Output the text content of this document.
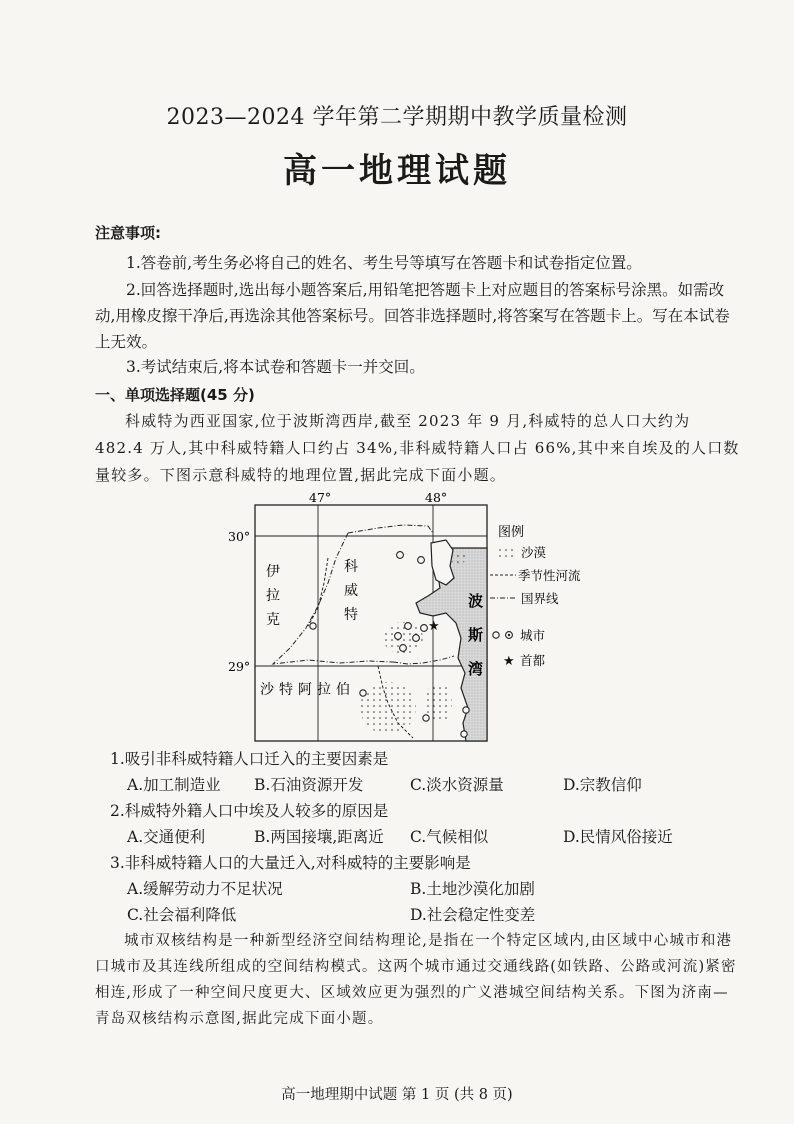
2023—2024 学年第二学期期中教学质量检测
高一地理试题
注意事项:
1.答卷前,考生务必将自己的姓名、考生号等填写在答题卡和试卷指定位置。
2.回答选择题时,选出每小题答案后,用铅笔把答题卡上对应题目的答案标号涂黑。如需改动,用橡皮擦干净后,再选涂其他答案标号。回答非选择题时,将答案写在答题卡上。写在本试卷上无效。
3.考试结束后,将本试卷和答题卡一并交回。
一、单项选择题(45 分)
科威特为西亚国家,位于波斯湾西岸,截至 2023 年 9 月,科威特的总人口大约为 482.4 万人,其中科威特籍人口约占 34%,非科威特籍人口占 66%,其中来自埃及的人口数量较多。下图示意科威特的地理位置,据此完成下面小题。
★
47°	48°
30°
29°
伊
拉
克
科
威
特
沙特阿拉伯
波
斯
湾
图例
沙漠
季节性河流
国界线
城市
★ 首都
1.吸引非科威特籍人口迁入的主要因素是
A.加工制造业 B.石油资源开发	C.淡水资源量	D.宗教信仰
2.科威特外籍人口中埃及人较多的原因是
A.交通便利	B.两国接壤,距离近 C.气候相似	D.民情风俗接近
3.非科威特籍人口的大量迁入,对科威特的主要影响是
A.缓解劳动力不足状况	B.土地沙漠化加剧
C.社会福利降低	D.社会稳定性变差
城市双核结构是一种新型经济空间结构理论,是指在一个特定区域内,由区域中心城市和港口城市及其连线所组成的空间结构模式。这两个城市通过交通线路(如铁路、公路或河流)紧密相连,形成了一种空间尺度更大、区域效应更为强烈的广义港城空间结构关系。下图为济南—青岛双核结构示意图,据此完成下面小题。
高一地理期中试题 第 1 页 (共 8 页)
